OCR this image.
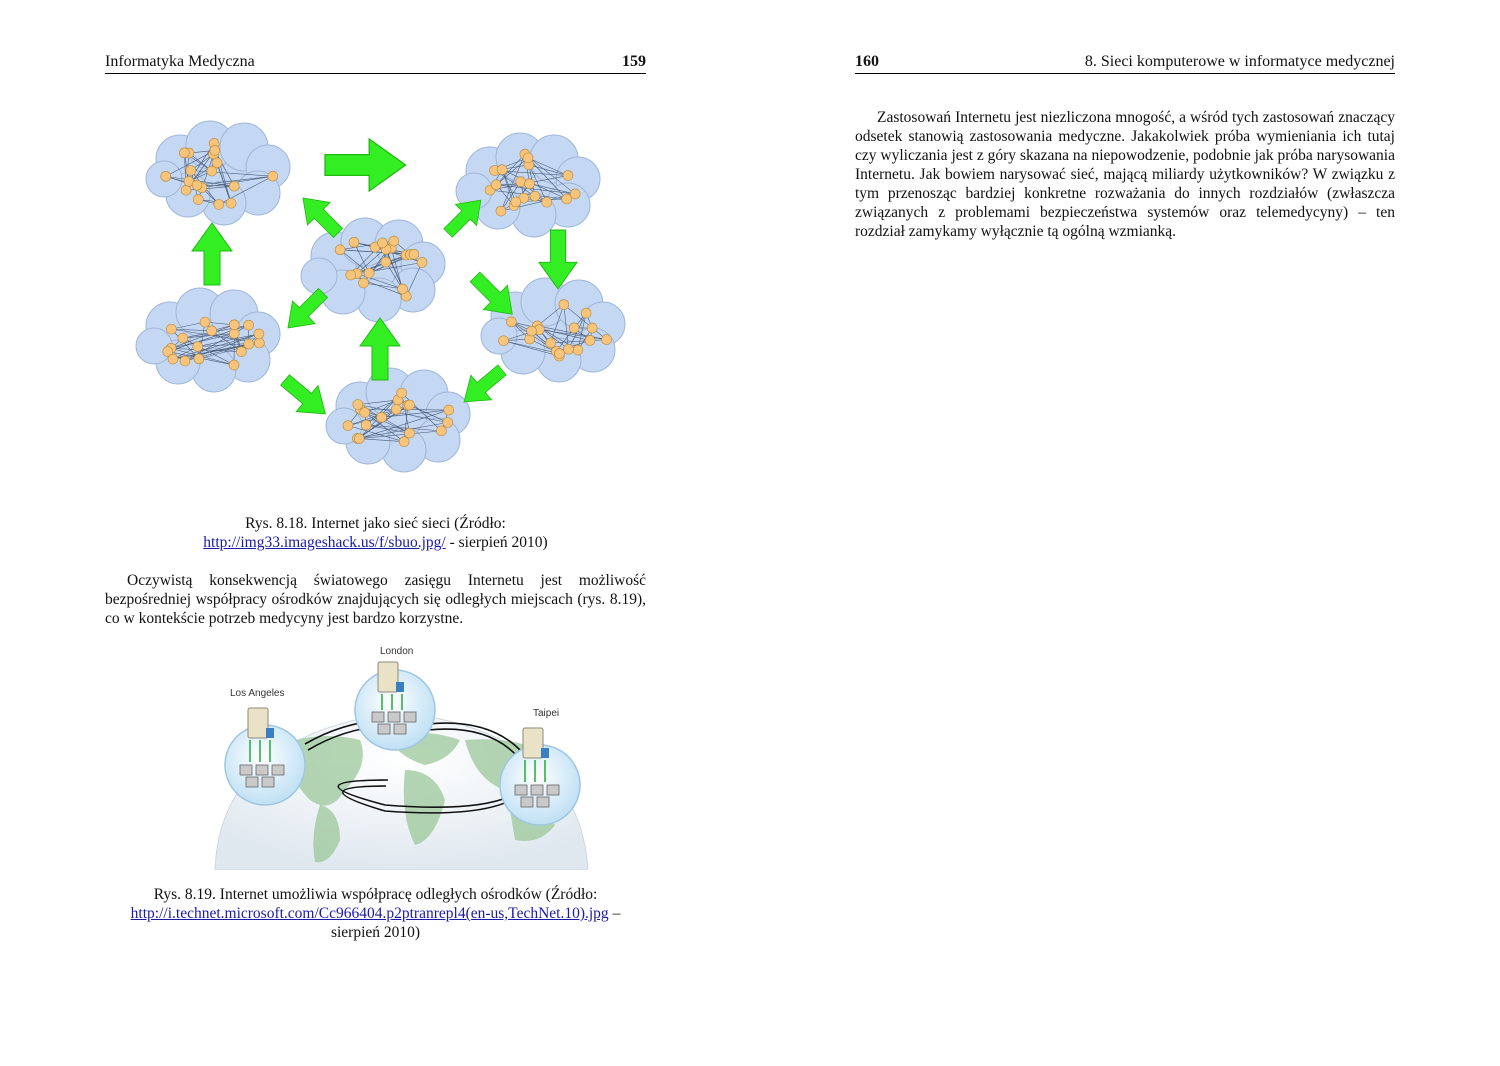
Informatyka Medyczna	159

Rys. 8.18. Internet jako sieć sieci (Źródło:
http://img33.imageshack.us/f/sbuo.jpg/ - sierpień 2010)

Oczywistą konsekwencją światowego zasięgu Internetu jest możliwość bezpośredniej współpracy ośrodków znajdujących się odległych miejscach (rys. 8.19), co w kontekście potrzeb medycyny jest bardzo korzystne.

London
Los Angeles
Taipei

Rys. 8.19. Internet umożliwia współpracę odległych ośrodków (Źródło:
http://i.technet.microsoft.com/Cc966404.p2ptranrepl4(en-us,TechNet.10).jpg –
sierpień 2010)

160	8. Sieci komputerowe w informatyce medycznej

Zastosowań Internetu jest niezliczona mnogość, a wśród tych zastosowań znaczący odsetek stanowią zastosowania medyczne. Jakakolwiek próba wymieniania ich tutaj czy wyliczania jest z góry skazana na niepowodzenie, podobnie jak próba narysowania Internetu. Jak bowiem narysować sieć, mającą miliardy użytkowników? W związku z tym przenosząc bardziej konkretne rozważania do innych rozdziałów (zwłaszcza związanych z problemami bezpieczeństwa systemów oraz telemedycyny) – ten rozdział zamykamy wyłącznie tą ogólną wzmianką.
